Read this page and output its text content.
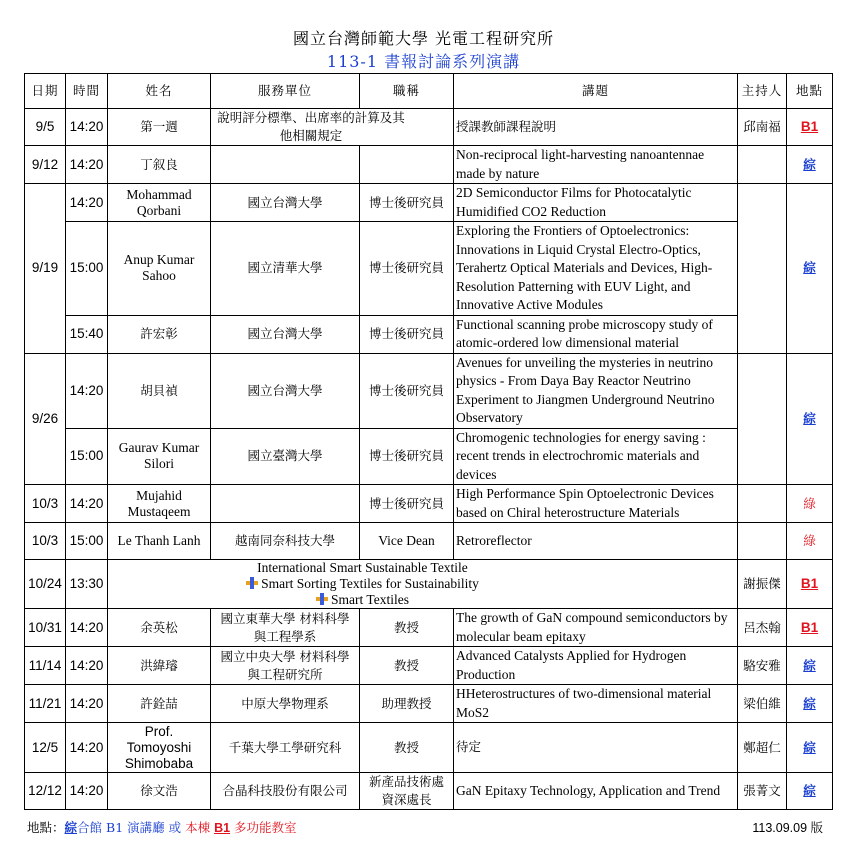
國立台灣師範大學 光電工程研究所
113-1 書報討論系列演講
日期	時間	姓名	服務單位	職稱	講題	主持人	地點
9/5	14:20	第一週	說明評分標準、出席率的計算及其他相關規定		授課教師課程說明	邱南福	B1
9/12	14:20	丁叙良			Non-reciprocal light-harvesting nanoantennae made by nature		綜
9/19	14:20	Mohammad Qorbani	國立台灣大學	博士後研究員	2D Semiconductor Films for Photocatalytic Humidified CO2 Reduction		綜
	15:00	Anup Kumar Sahoo	國立清華大學	博士後研究員	Exploring the Frontiers of Optoelectronics: Innovations in Liquid Crystal Electro-Optics, Terahertz Optical Materials and Devices, High-Resolution Patterning with EUV Light, and Innovative Active Modules		
	15:40	許宏彰	國立台灣大學	博士後研究員	Functional scanning probe microscopy study of atomic-ordered low dimensional material		
9/26	14:20	胡貝禎	國立台灣大學	博士後研究員	Avenues for unveiling the mysteries in neutrino physics - From Daya Bay Reactor Neutrino Experiment to Jiangmen Underground Neutrino Observatory		綜
	15:00	Gaurav Kumar Silori	國立臺灣大學	博士後研究員	Chromogenic technologies for energy saving : recent trends in electrochromic materials and devices		
10/3	14:20	Mujahid Mustaqeem		博士後研究員	High Performance Spin Optoelectronic Devices based on Chiral heterostructure Materials		綠
10/3	15:00	Le Thanh Lanh	越南同奈科技大學	Vice Dean	Retroreflector		綠
10/24	13:30	International Smart Sustainable Textile
Smart Sorting Textiles for Sustainability
Smart Textiles				謝振傑	B1
10/31	14:20	余英松	國立東華大學 材料科學與工程學系	教授	The growth of GaN compound semiconductors by molecular beam epitaxy	呂杰翰	B1
11/14	14:20	洪緯璿	國立中央大學 材料科學與工程研究所	教授	Advanced Catalysts Applied for Hydrogen Production	駱安雅	綜
11/21	14:20	許銓喆	中原大學物理系	助理教授	HHeterostructures of two-dimensional material MoS2	梁伯維	綜
12/5	14:20	Prof. Tomoyoshi Shimobaba	千葉大學工學研究科	教授	待定	鄭超仁	綜
12/12	14:20	徐文浩	合晶科技股份有限公司	新產品技術處 資深處長	GaN Epitaxy Technology, Application and Trend	張菁文	綜
地點：綜合館 B1 演講廳 或 本棟 B1 多功能教室	113.09.09 版
